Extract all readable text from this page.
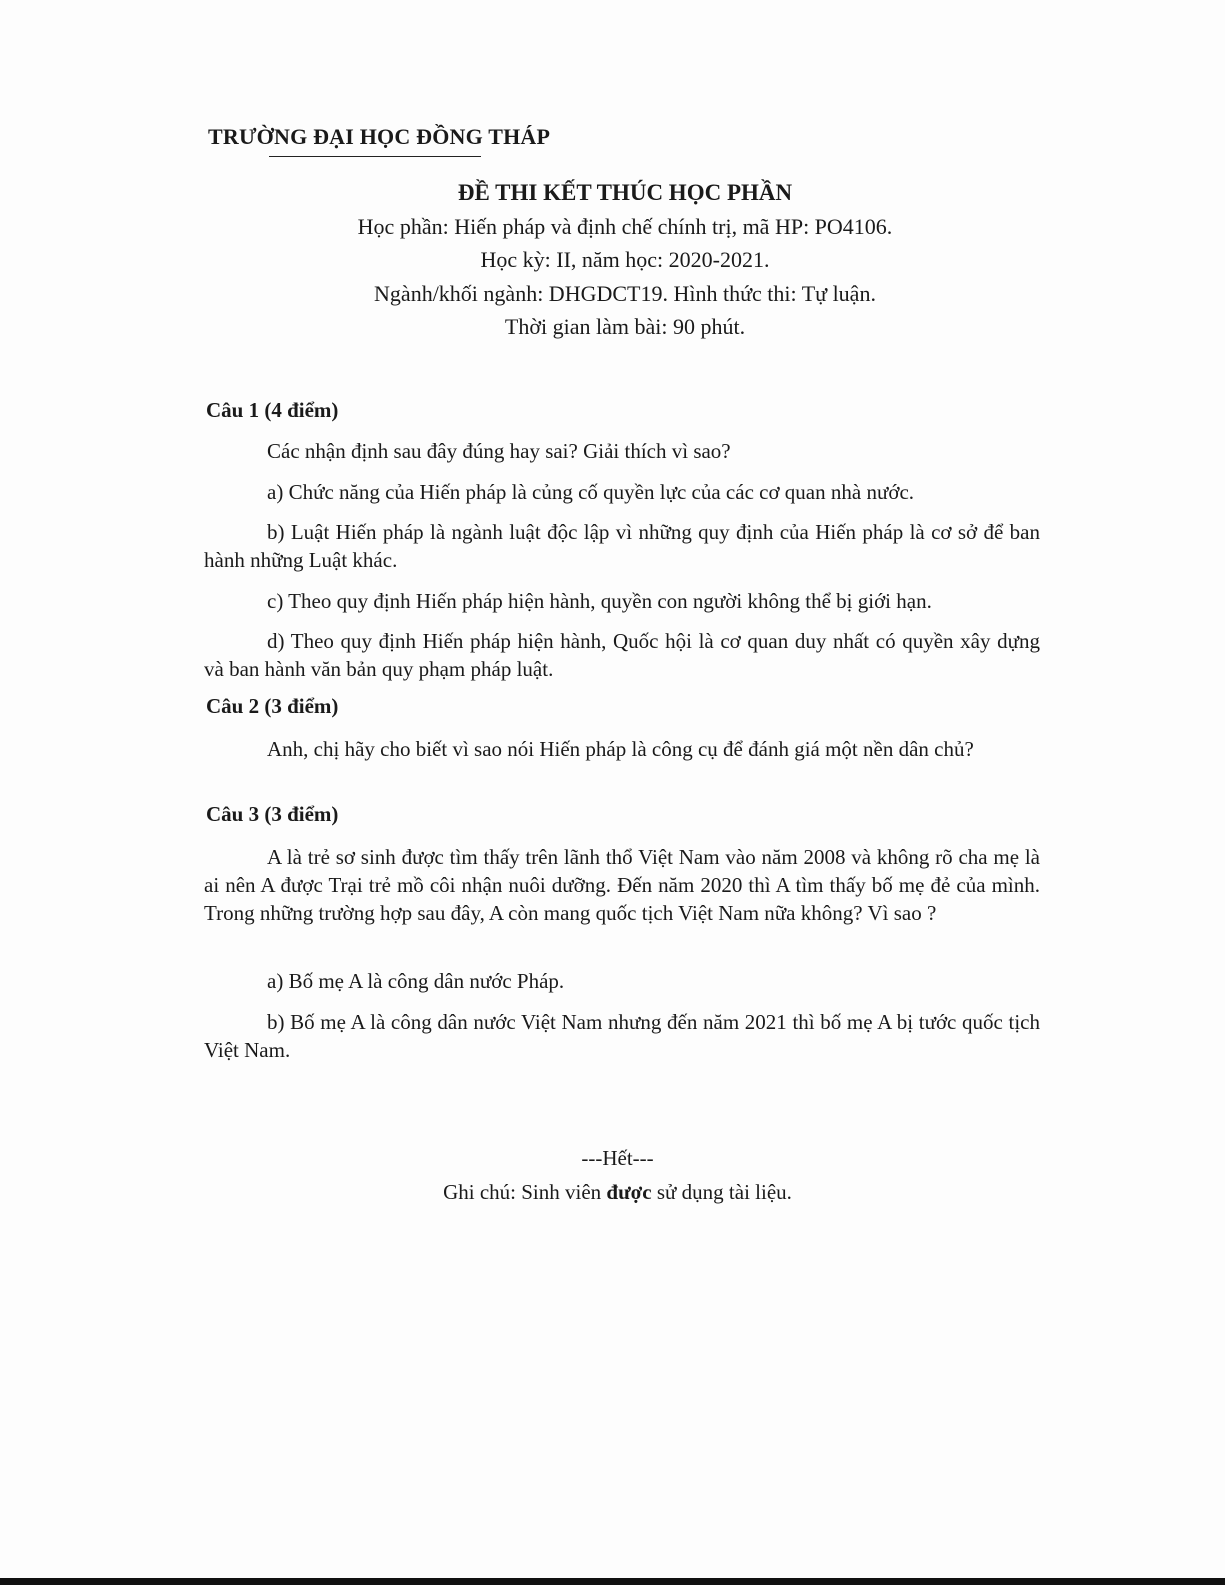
TRƯỜNG ĐẠI HỌC ĐỒNG THÁP
ĐỀ THI KẾT THÚC HỌC PHẦN
Học phần: Hiến pháp và định chế chính trị, mã HP: PO4106.
Học kỳ: II, năm học: 2020-2021.
Ngành/khối ngành: DHGDCT19. Hình thức thi: Tự luận.
Thời gian làm bài: 90 phút.
Câu 1 (4 điểm)
Các nhận định sau đây đúng hay sai? Giải thích vì sao?
a) Chức năng của Hiến pháp là củng cố quyền lực của các cơ quan nhà nước.
b) Luật Hiến pháp là ngành luật độc lập vì những quy định của Hiến pháp là cơ sở để ban hành những Luật khác.
c) Theo quy định Hiến pháp hiện hành, quyền con người không thể bị giới hạn.
d) Theo quy định Hiến pháp hiện hành, Quốc hội là cơ quan duy nhất có quyền xây dựng và ban hành văn bản quy phạm pháp luật.
Câu 2 (3 điểm)
Anh, chị hãy cho biết vì sao nói Hiến pháp là công cụ để đánh giá một nền dân chủ?
Câu 3 (3 điểm)
A là trẻ sơ sinh được tìm thấy trên lãnh thổ Việt Nam vào năm 2008 và không rõ cha mẹ là ai nên A được Trại trẻ mồ côi nhận nuôi dưỡng. Đến năm 2020 thì A tìm thấy bố mẹ đẻ của mình. Trong những trường hợp sau đây, A còn mang quốc tịch Việt Nam nữa không? Vì sao ?
a) Bố mẹ A là công dân nước Pháp.
b) Bố mẹ A là công dân nước Việt Nam nhưng đến năm 2021 thì bố mẹ A bị tước quốc tịch Việt Nam.
---Hết---
Ghi chú: Sinh viên được sử dụng tài liệu.
